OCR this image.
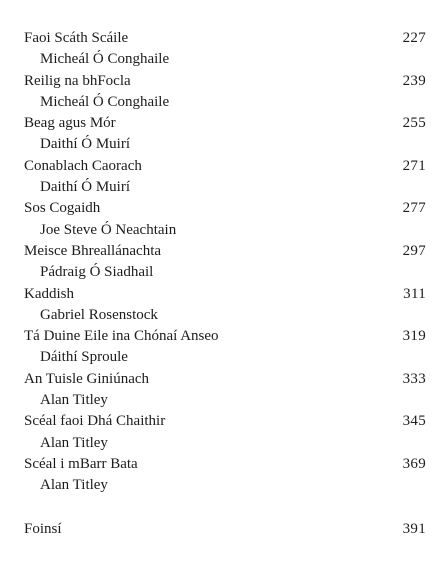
Faoi Scáth Scáile	227
Micheál Ó Conghaile
Reilig na bhFocla	239
Micheál Ó Conghaile
Beag agus Mór	255
Daithí Ó Muirí
Conablach Caorach	271
Daithí Ó Muirí
Sos Cogaidh	277
Joe Steve Ó Neachtain
Meisce Bhreallánachta	297
Pádraig Ó Siadhail
Kaddish	311
Gabriel Rosenstock
Tá Duine Eile ina Chónaí Anseo	319
Dáithí Sproule
An Tuisle Giniúnach	333
Alan Titley
Scéal faoi Dhá Chaithir	345
Alan Titley
Scéal i mBarr Bata	369
Alan Titley
Foinsí	391
